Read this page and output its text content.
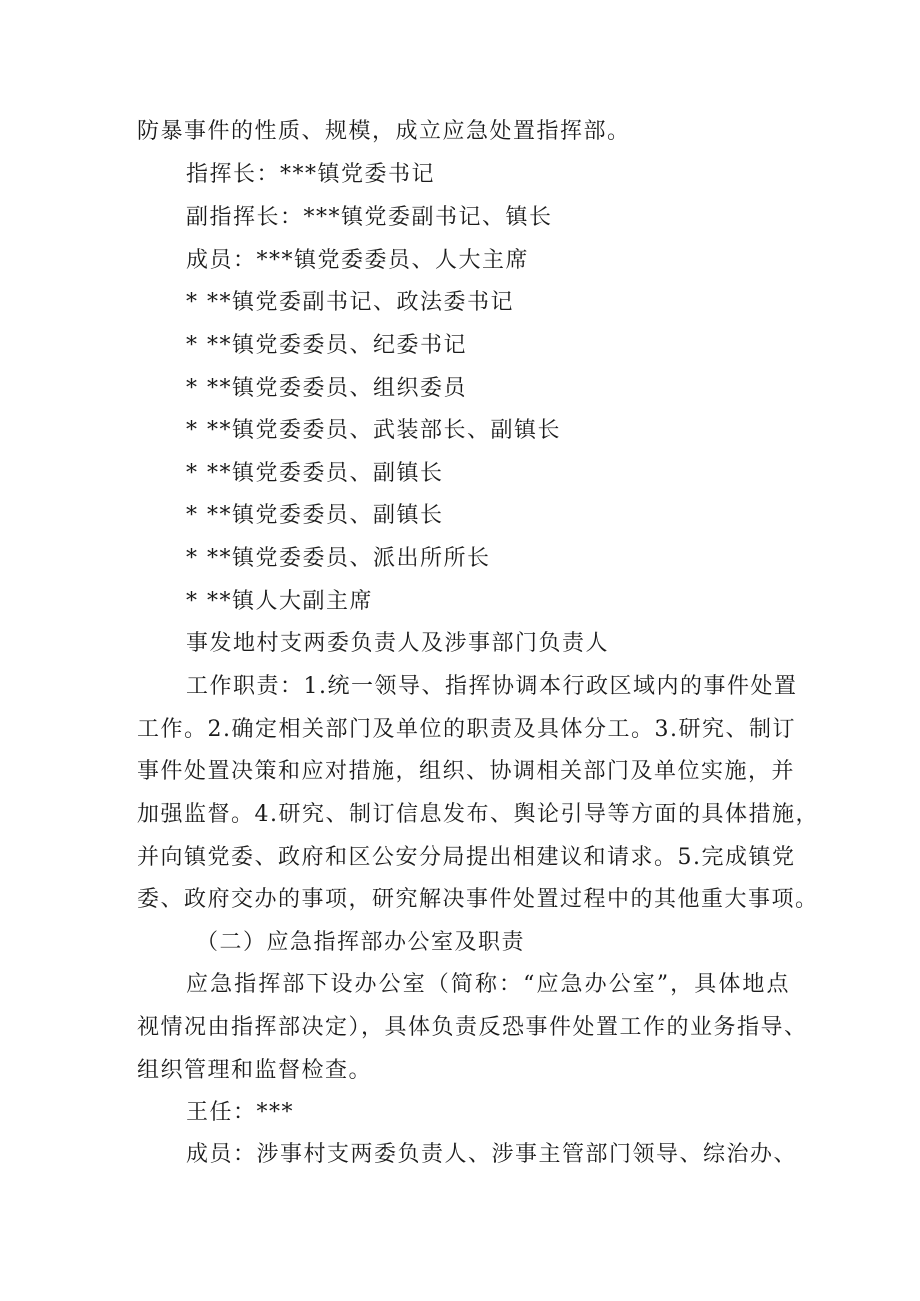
防暴事件的性质、规模，成立应急处置指挥部。
指挥长：***镇党委书记
副指挥长：***镇党委副书记、镇长
成员：***镇党委委员、人大主席
* **镇党委副书记、政法委书记
* **镇党委委员、纪委书记
* **镇党委委员、组织委员
* **镇党委委员、武装部长、副镇长
* **镇党委委员、副镇长
* **镇党委委员、副镇长
* **镇党委委员、派出所所长
* **镇人大副主席
事发地村支两委负责人及涉事部门负责人
工作职责：1.统一领导、指挥协调本行政区域内的事件处置
工作。2.确定相关部门及单位的职责及具体分工。3.研究、制订
事件处置决策和应对措施，组织、协调相关部门及单位实施，并
加强监督。4.研究、制订信息发布、舆论引导等方面的具体措施，
并向镇党委、政府和区公安分局提出相建议和请求。5.完成镇党
委、政府交办的事项，研究解决事件处置过程中的其他重大事项。
（二）应急指挥部办公室及职责
应急指挥部下设办公室（简称：“应急办公室”，具体地点
视情况由指挥部决定），具体负责反恐事件处置工作的业务指导、
组织管理和监督检查。
王任：***
成员：涉事村支两委负责人、涉事主管部门领导、综治办、
